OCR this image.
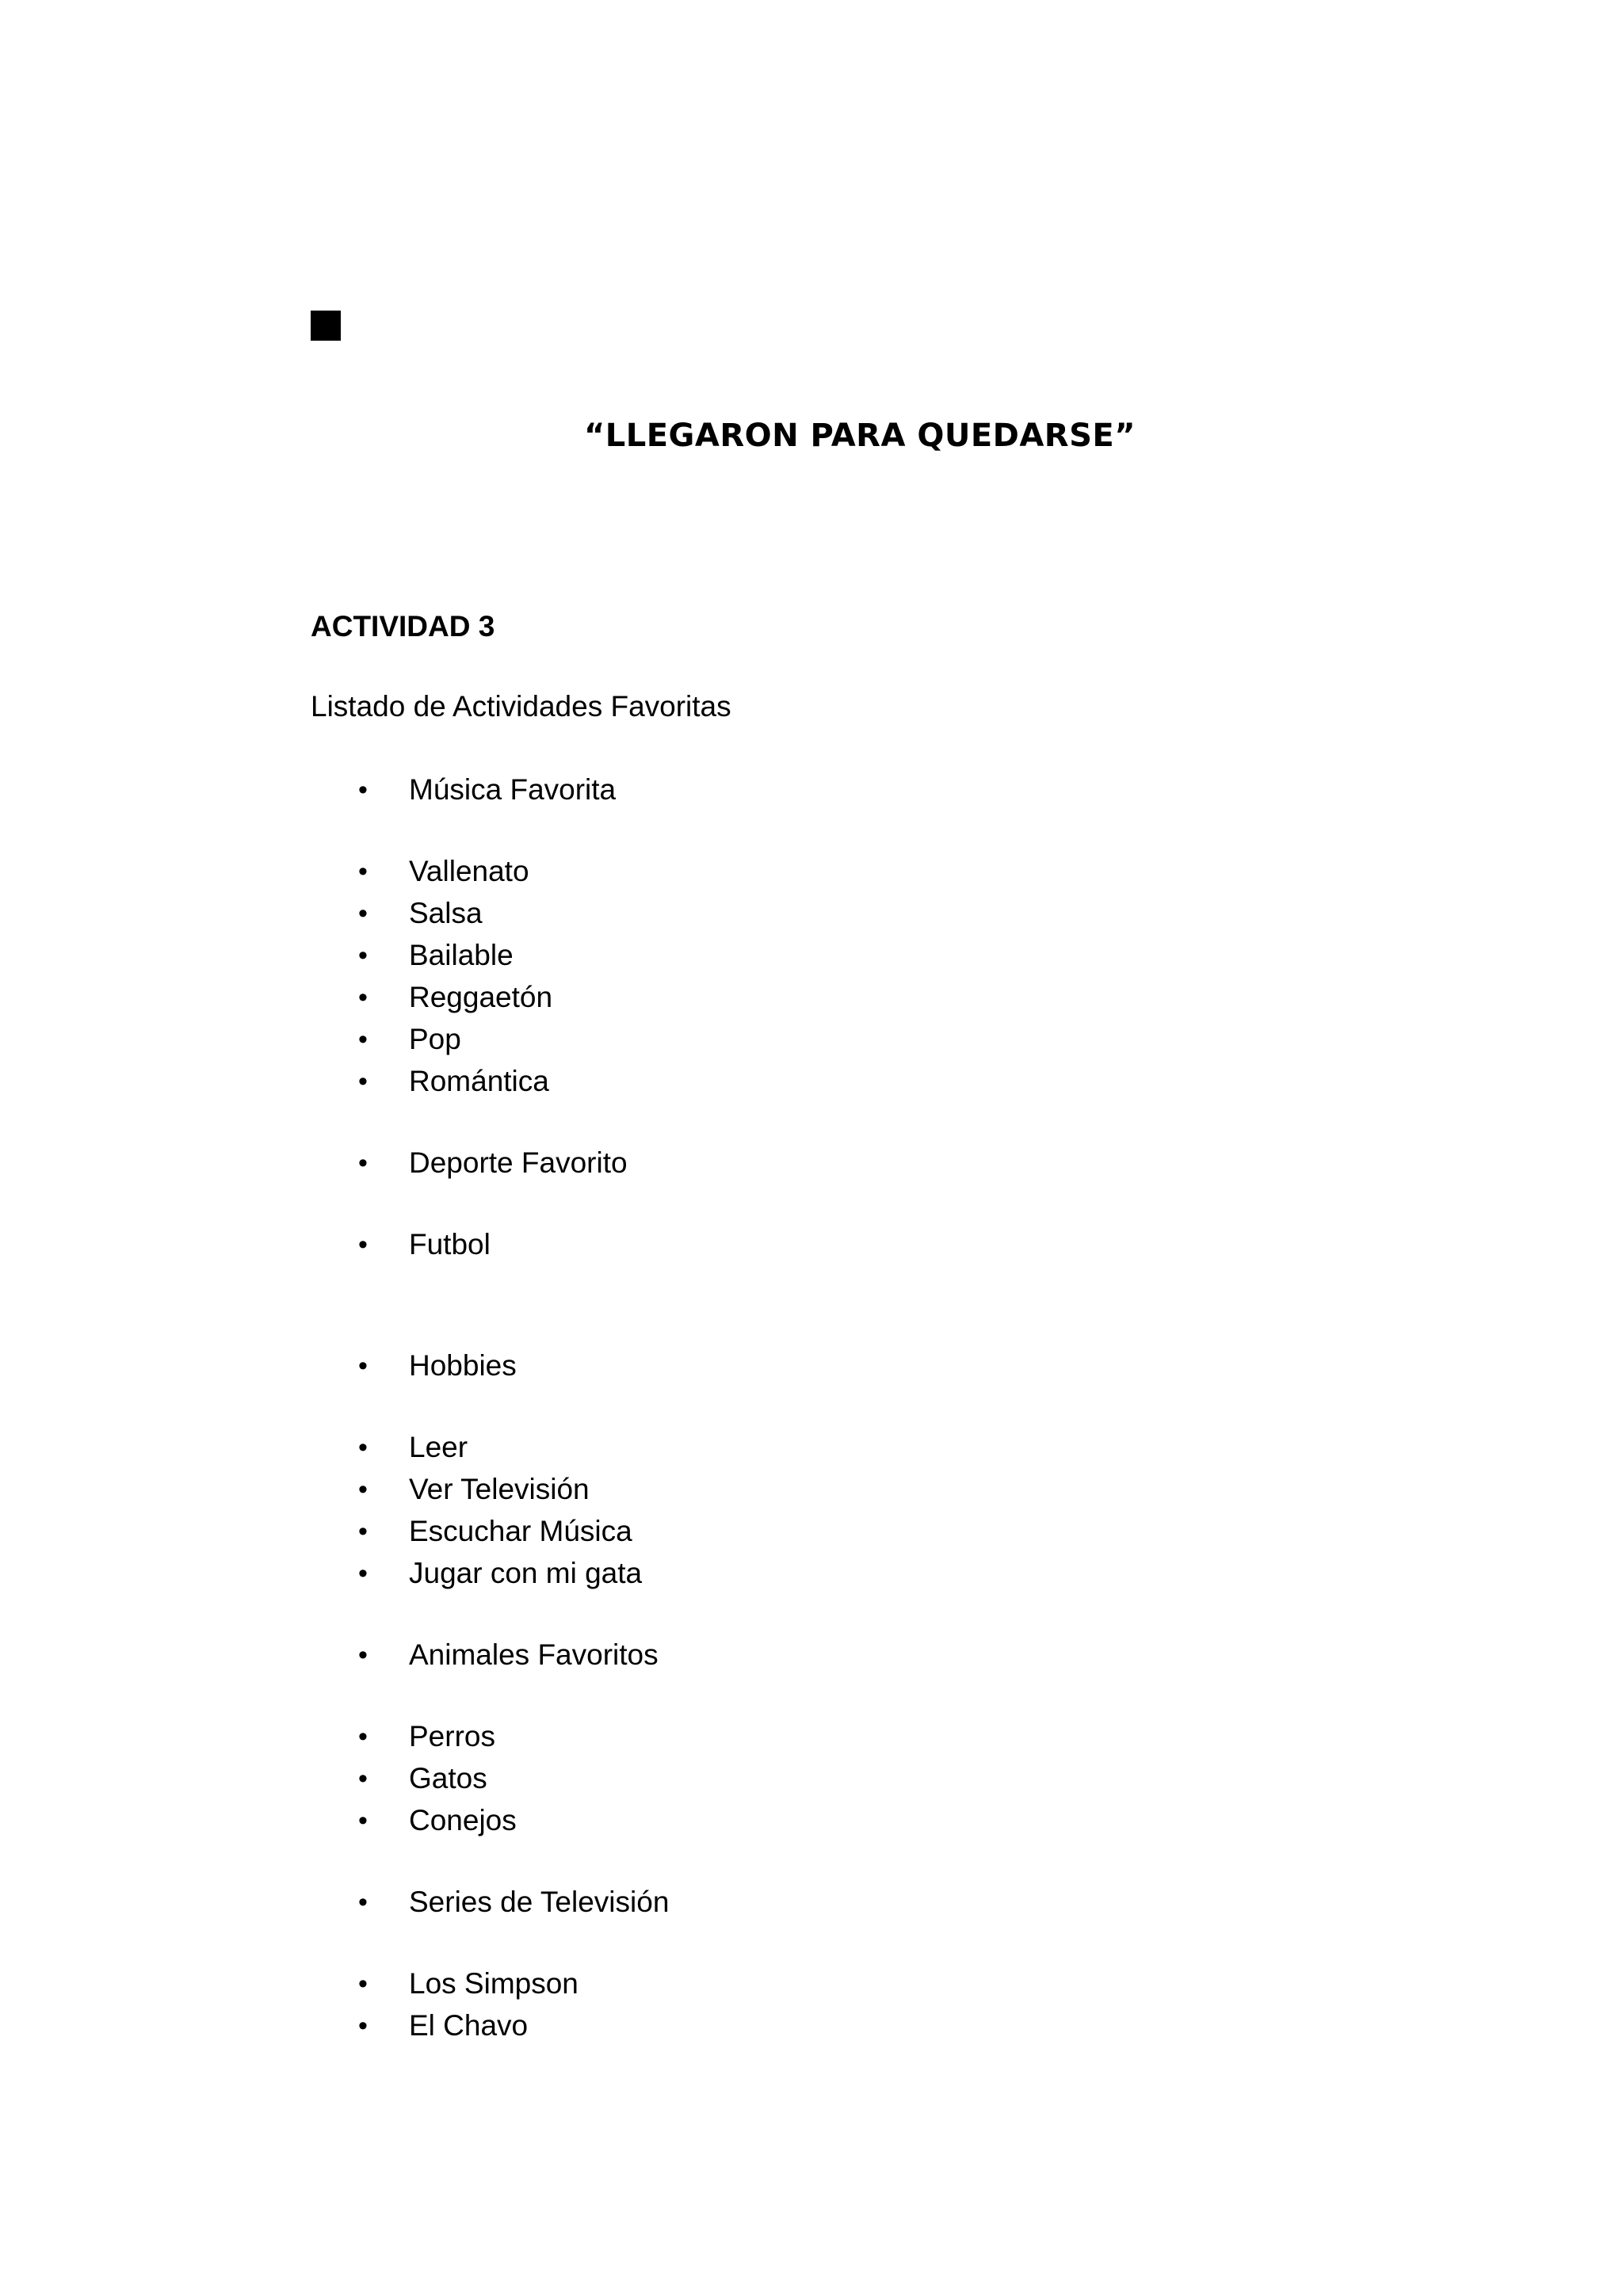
“LLEGARON PARA QUEDARSE”
ACTIVIDAD 3
Listado de Actividades Favoritas
• Música Favorita
• Vallenato
• Salsa
• Bailable
• Reggaetón
• Pop
• Romántica
• Deporte Favorito
• Futbol
• Hobbies
• Leer
• Ver Televisión
• Escuchar Música
• Jugar con mi gata
• Animales Favoritos
• Perros
• Gatos
• Conejos
• Series de Televisión
• Los Simpson
• El Chavo
